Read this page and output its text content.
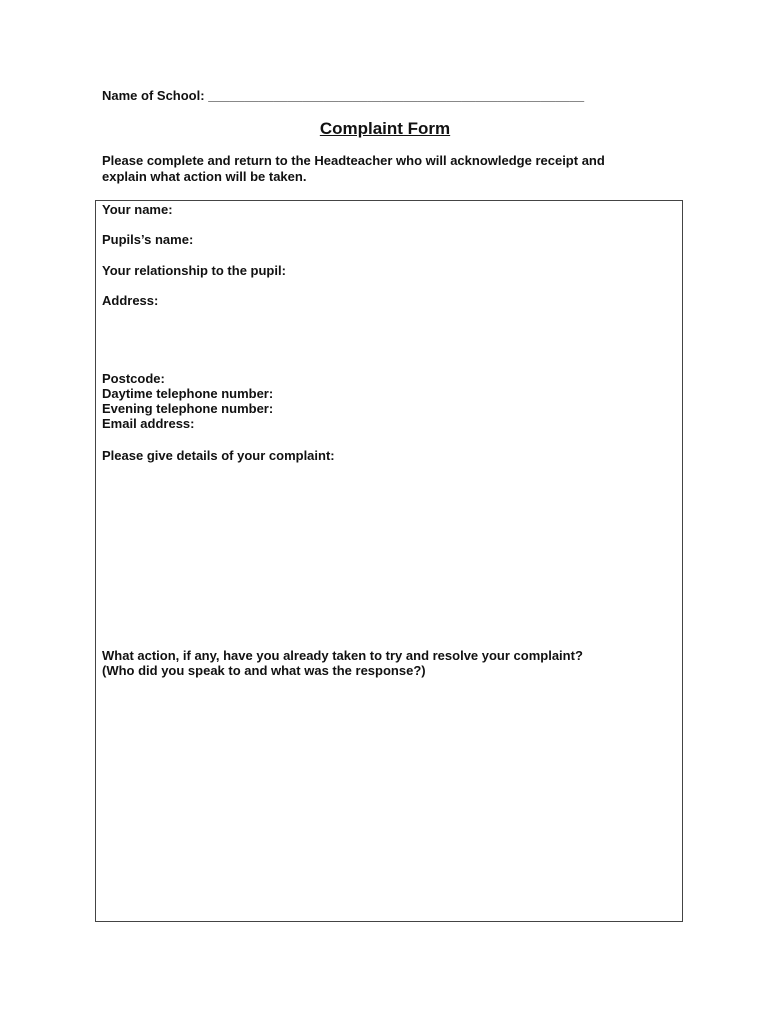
Name of School: ____________________________________________________
Complaint Form
Please complete and return to the Headteacher who will acknowledge receipt and
explain what action will be taken.
Your name:
Pupils’s name:
Your relationship to the pupil:
Address:
Postcode:
Daytime telephone number:
Evening telephone number:
Email address:
Please give details of your complaint:
What action, if any, have you already taken to try and resolve your complaint?
(Who did you speak to and what was the response?)
